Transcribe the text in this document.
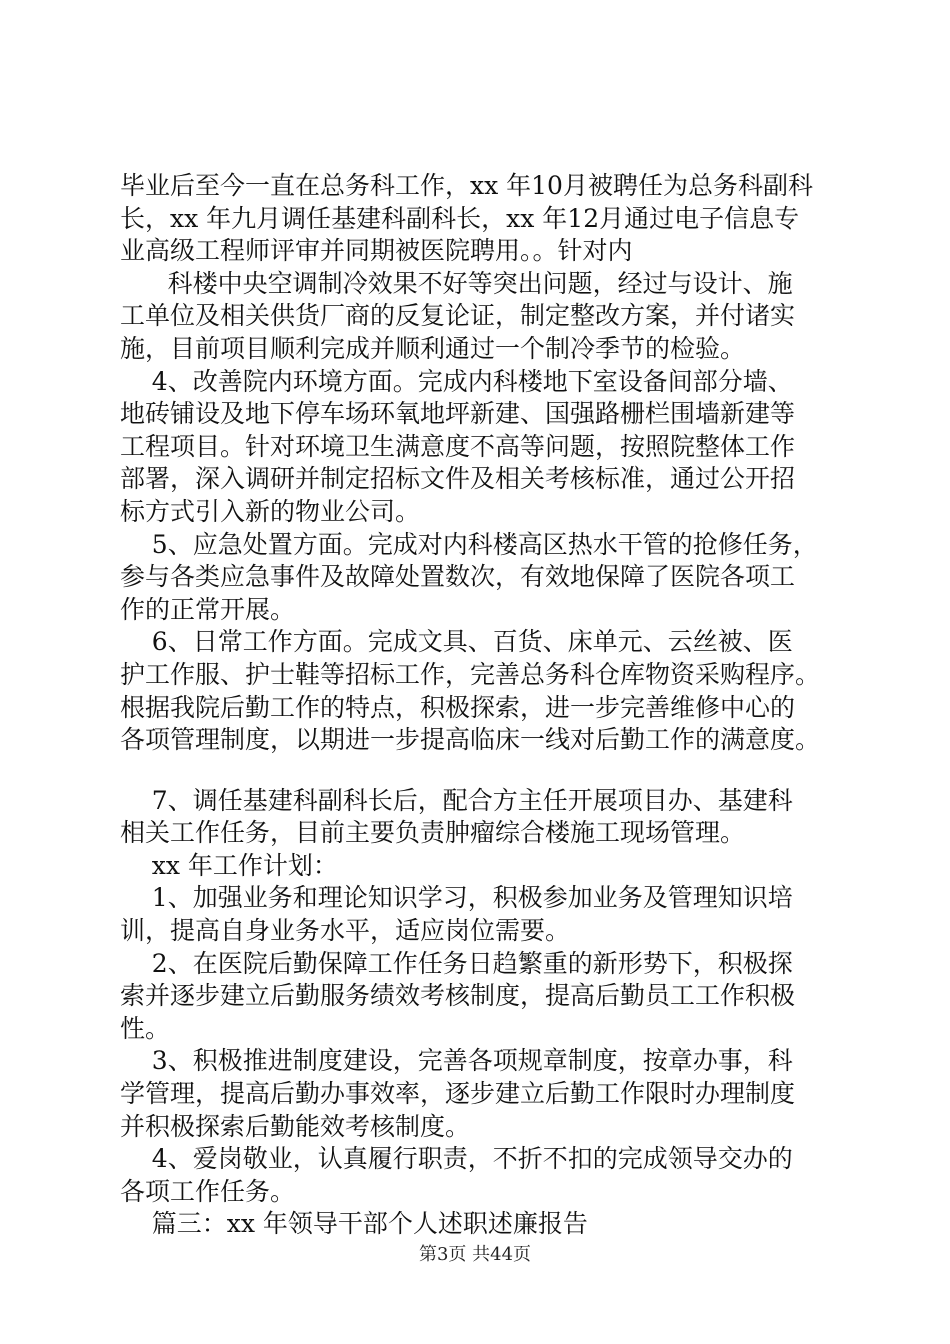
毕业后至今一直在总务科工作，xx 年10月被聘任为总务科副科
长，xx 年九月调任基建科副科长，xx 年12月通过电子信息专
业高级工程师评审并同期被医院聘用。。针对内
科楼中央空调制冷效果不好等突出问题，经过与设计、施
工单位及相关供货厂商的反复论证，制定整改方案，并付诸实
施，目前项目顺利完成并顺利通过一个制冷季节的检验。
4、改善院内环境方面。完成内科楼地下室设备间部分墙、
地砖铺设及地下停车场环氧地坪新建、国强路栅栏围墙新建等
工程项目。针对环境卫生满意度不高等问题，按照院整体工作
部署，深入调研并制定招标文件及相关考核标准，通过公开招
标方式引入新的物业公司。
5、应急处置方面。完成对内科楼高区热水干管的抢修任务，
参与各类应急事件及故障处置数次，有效地保障了医院各项工
作的正常开展。
6、日常工作方面。完成文具、百货、床单元、云丝被、医
护工作服、护士鞋等招标工作，完善总务科仓库物资采购程序。
根据我院后勤工作的特点，积极探索，进一步完善维修中心的
各项管理制度，以期进一步提高临床一线对后勤工作的满意度。
7、调任基建科副科长后，配合方主任开展项目办、基建科
相关工作任务，目前主要负责肿瘤综合楼施工现场管理。
xx 年工作计划：
1、加强业务和理论知识学习，积极参加业务及管理知识培
训，提高自身业务水平，适应岗位需要。
2、在医院后勤保障工作任务日趋繁重的新形势下，积极探
索并逐步建立后勤服务绩效考核制度，提高后勤员工工作积极
性。
3、积极推进制度建设，完善各项规章制度，按章办事，科
学管理，提高后勤办事效率，逐步建立后勤工作限时办理制度
并积极探索后勤能效考核制度。
4、爱岗敬业，认真履行职责，不折不扣的完成领导交办的
各项工作任务。
篇三：xx 年领导干部个人述职述廉报告
第3页 共44页
